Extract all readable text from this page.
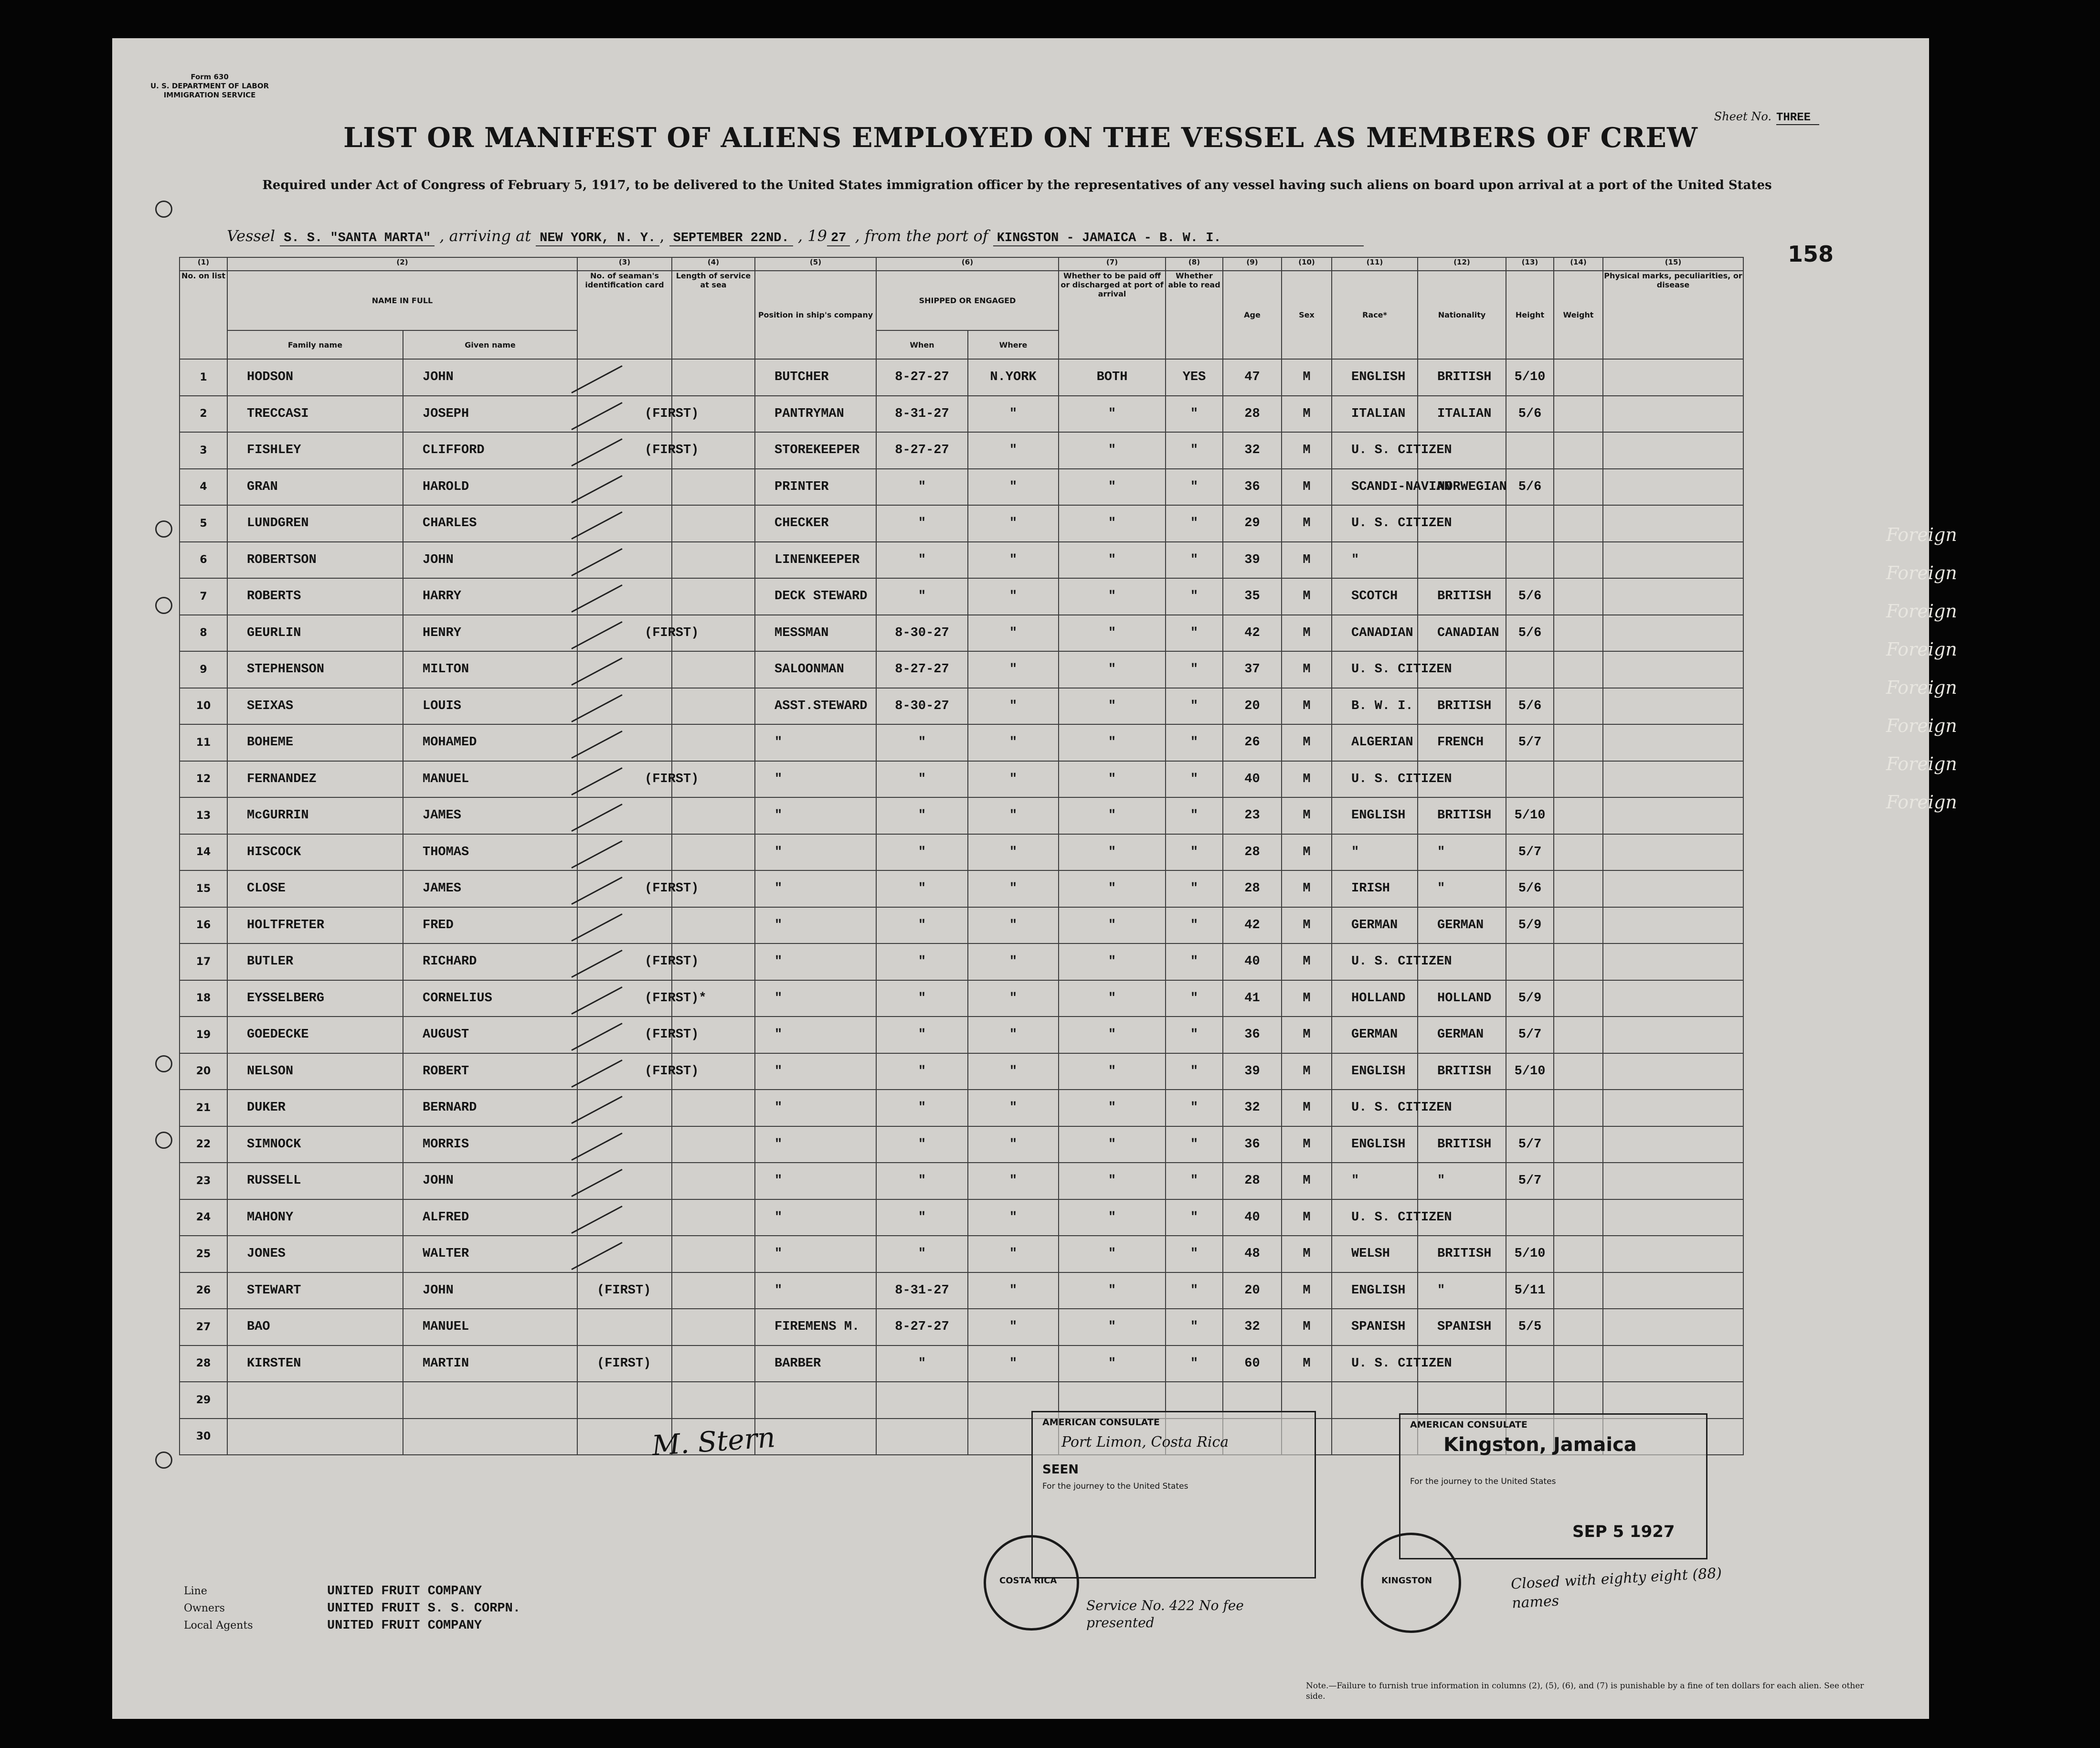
Form 630
U. S. DEPARTMENT OF LABOR
IMMIGRATION SERVICE
Sheet No. THREE
LIST OR MANIFEST OF ALIENS EMPLOYED ON THE VESSEL AS MEMBERS OF CREW
Required under Act of Congress of February 5, 1917, to be delivered to the United States immigration officer by the representatives of any vessel having such aliens on board upon arrival at a port of the United States
Vessel S. S. "SANTA MARTA" , arriving at NEW YORK, N. Y. , SEPTEMBER 22ND. , 19 27 , from the port of KINGSTON - JAMAICA - B. W. I.
158
(1)	(2)		(3)	(4)	(5)	(6)		(7)	(8)	(9)	(10)	(11)	(12)	(13)	(14)	(15)
No. on list	NAME IN FULL		No. of seaman's identification card	Length of service at sea	Position in ship's company	SHIPPED OR ENGAGED		Whether to be paid off or discharged at port of arrival	Whether able to read	Age	Sex	Race*	Nationality	Height	Weight	Physical marks, peculiarities, or disease
	Family name	Given name				When	Where									
1	HODSON	JOHN			BUTCHER	8-27-27	N.YORK	BOTH	YES	47	M	ENGLISH	BRITISH	5/10		
2	TRECCASI	JOSEPH	(FIRST)		PANTRYMAN	8-31-27	"	"	"	28	M	ITALIAN	ITALIAN	5/6		
3	FISHLEY	CLIFFORD	(FIRST)		STOREKEEPER	8-27-27	"	"	"	32	M	U. S. CITIZEN				
4	GRAN	HAROLD			PRINTER	"	"	"	"	36	M	SCANDI-NAVIAN	NORWEGIAN	5/6		
5	LUNDGREN	CHARLES			CHECKER	"	"	"	"	29	M	U. S. CITIZEN				
6	ROBERTSON	JOHN			LINENKEEPER	"	"	"	"	39	M	"				
7	ROBERTS	HARRY			DECK STEWARD	"	"	"	"	35	M	SCOTCH	BRITISH	5/6		
8	GEURLIN	HENRY	(FIRST)		MESSMAN	8-30-27	"	"	"	42	M	CANADIAN	CANADIAN	5/6		
9	STEPHENSON	MILTON			SALOONMAN	8-27-27	"	"	"	37	M	U. S. CITIZEN				
10	SEIXAS	LOUIS			ASST.STEWARD	8-30-27	"	"	"	20	M	B. W. I.	BRITISH	5/6		
11	BOHEME	MOHAMED			"	"	"	"	"	26	M	ALGERIAN	FRENCH	5/7		
12	FERNANDEZ	MANUEL	(FIRST)		"	"	"	"	"	40	M	U. S. CITIZEN				
13	McGURRIN	JAMES			"	"	"	"	"	23	M	ENGLISH	BRITISH	5/10		
14	HISCOCK	THOMAS			"	"	"	"	"	28	M	"	"	5/7		
15	CLOSE	JAMES	(FIRST)		"	"	"	"	"	28	M	IRISH	"	5/6		
16	HOLTFRETER	FRED			"	"	"	"	"	42	M	GERMAN	GERMAN	5/9		
17	BUTLER	RICHARD	(FIRST)		"	"	"	"	"	40	M	U. S. CITIZEN				
18	EYSSELBERG	CORNELIUS	(FIRST)*		"	"	"	"	"	41	M	HOLLAND	HOLLAND	5/9		
19	GOEDECKE	AUGUST	(FIRST)		"	"	"	"	"	36	M	GERMAN	GERMAN	5/7		
20	NELSON	ROBERT	(FIRST)		"	"	"	"	"	39	M	ENGLISH	BRITISH	5/10		
21	DUKER	BERNARD			"	"	"	"	"	32	M	U. S. CITIZEN				
22	SIMNOCK	MORRIS			"	"	"	"	"	36	M	ENGLISH	BRITISH	5/7		
23	RUSSELL	JOHN			"	"	"	"	"	28	M	"	"	5/7		
24	MAHONY	ALFRED			"	"	"	"	"	40	M	U. S. CITIZEN				
25	JONES	WALTER			"	"	"	"	"	48	M	WELSH	BRITISH	5/10		
26	STEWART	JOHN	(FIRST)		"	8-31-27	"	"	"	20	M	ENGLISH	"	5/11		
27	BAO	MANUEL			FIREMENS M.	8-27-27	"	"	"	32	M	SPANISH	SPANISH	5/5		
28	KIRSTEN	MARTIN	(FIRST)		BARBER	"	"	"	"	60	M	U. S. CITIZEN				
29																
30																	M. Stern	AMERICAN CONSULATE
Port Limon, Costa Rica
SEEN
For the journey to the United States
COSTA RICA
Service No. 422 No fee presented
AMERICAN CONSULATE
Kingston, Jamaica
For the journey to the United States
SEP 5 1927
KINGSTON	Closed with eighty eight (88) names
Line	UNITED FRUIT COMPANY
Owners	UNITED FRUIT S. S. CORPN.
Local Agents	UNITED FRUIT COMPANY
Note.—Failure to furnish true information in columns (2), (5), (6), and (7) is punishable by a fine of ten dollars for each alien. See other side.
Foreign
Foreign
Foreign
Foreign
Foreign
Foreign
Foreign
Foreign
